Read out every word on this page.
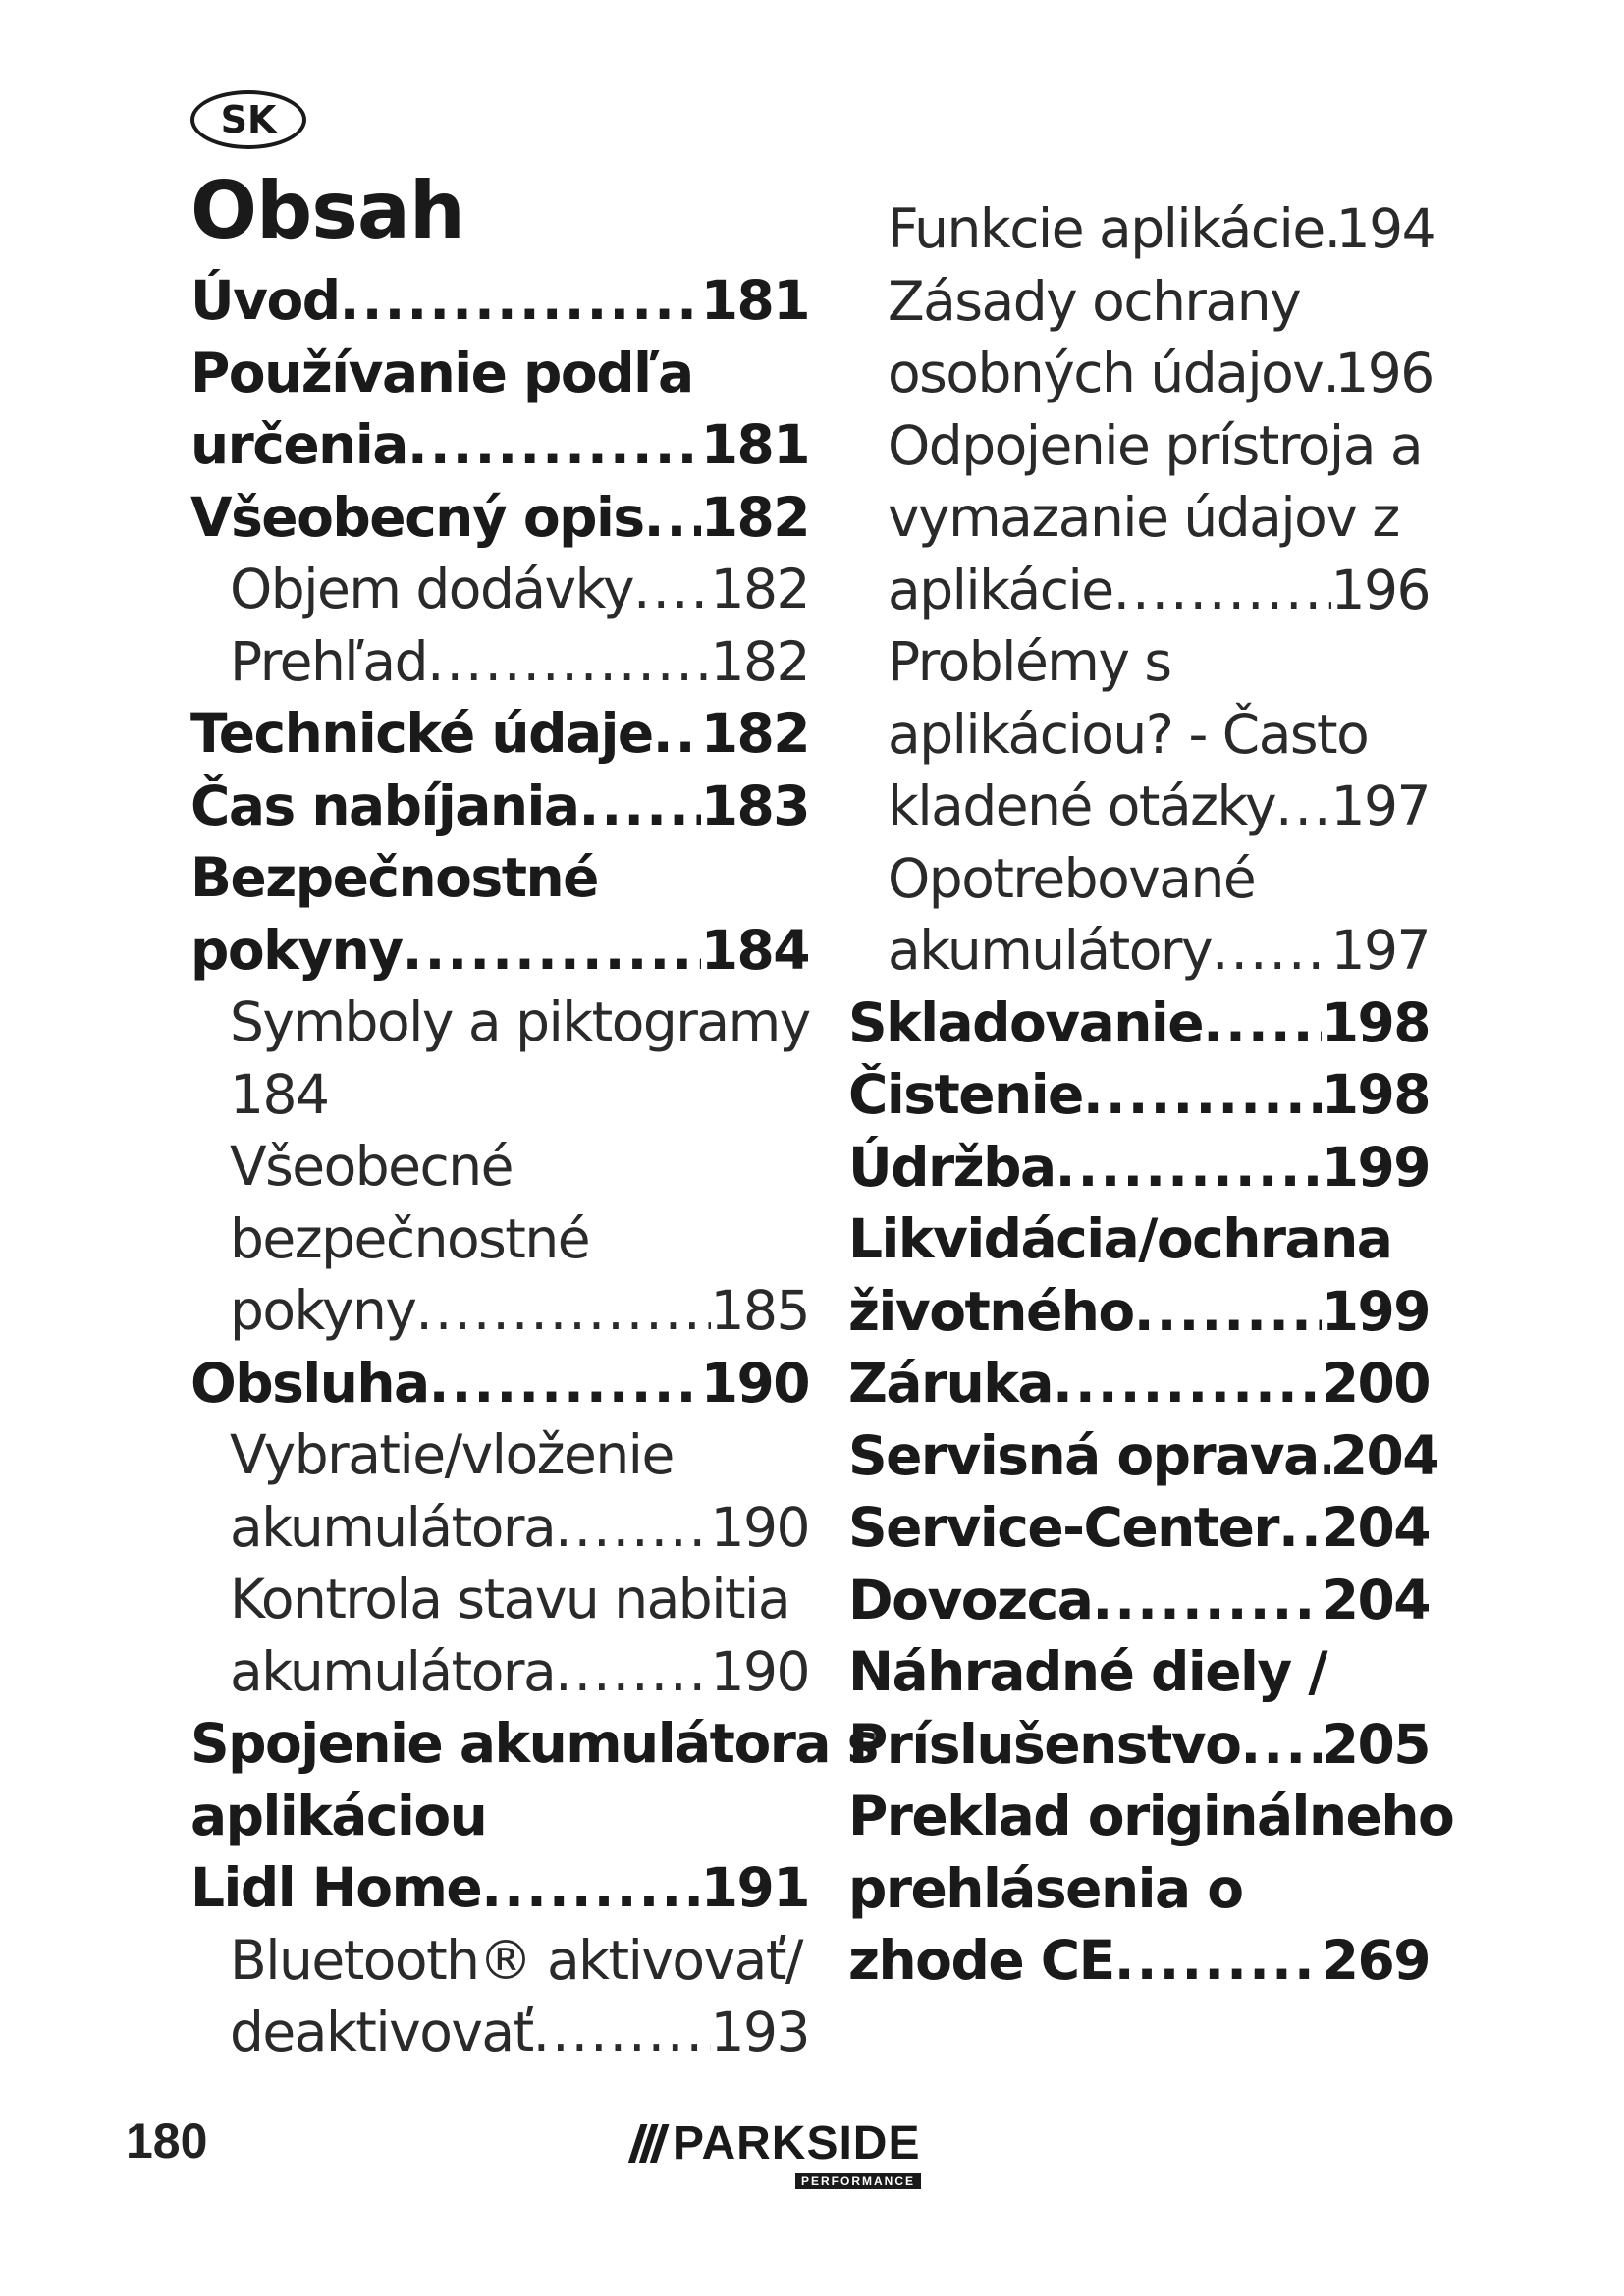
SK
Obsah
Úvod .....	181
Používanie podľa
určenia .....	181
Všeobecný opis ..... 182
Objem dodávky ..... 182
Prehľad .....	182
Technické údaje ..... 182
Čas nabíjania ..... 183
Bezpečnostné
pokyny .....	184
Symboly a piktogramy
184
Všeobecné
bezpečnostné
pokyny .....	185
Obsluha .....	190
Vybratie/vloženie
akumulátora .....	190
Kontrola stavu nabitia
akumulátora .....	190
Spojenie akumulátora s
aplikáciou
Lidl Home .....	191
Bluetooth® aktivovať/
deaktivovať .....	193
Funkcie aplikácie ..... 194
Zásady ochrany
osobných údajov ..... 196
Odpojenie prístroja a
vymazanie údajov z
aplikácie .....	196
Problémy s
aplikáciou? - Často
kladené otázky ..... 197
Opotrebované
akumulátory ..... 197
Skladovanie ..... 198
Čistenie .....	198
Údržba .....	199
Likvidácia/ochrana
životného .....	199
Záruka .....	200
Servisná oprava ..... 204
Service-Center ..... 204
Dovozca .....	204
Náhradné diely /
Príslušenstvo ..... 205
Preklad originálneho
prehlásenia o
zhode CE .....	269
180	PARKSIDE
PERFORMANCE
